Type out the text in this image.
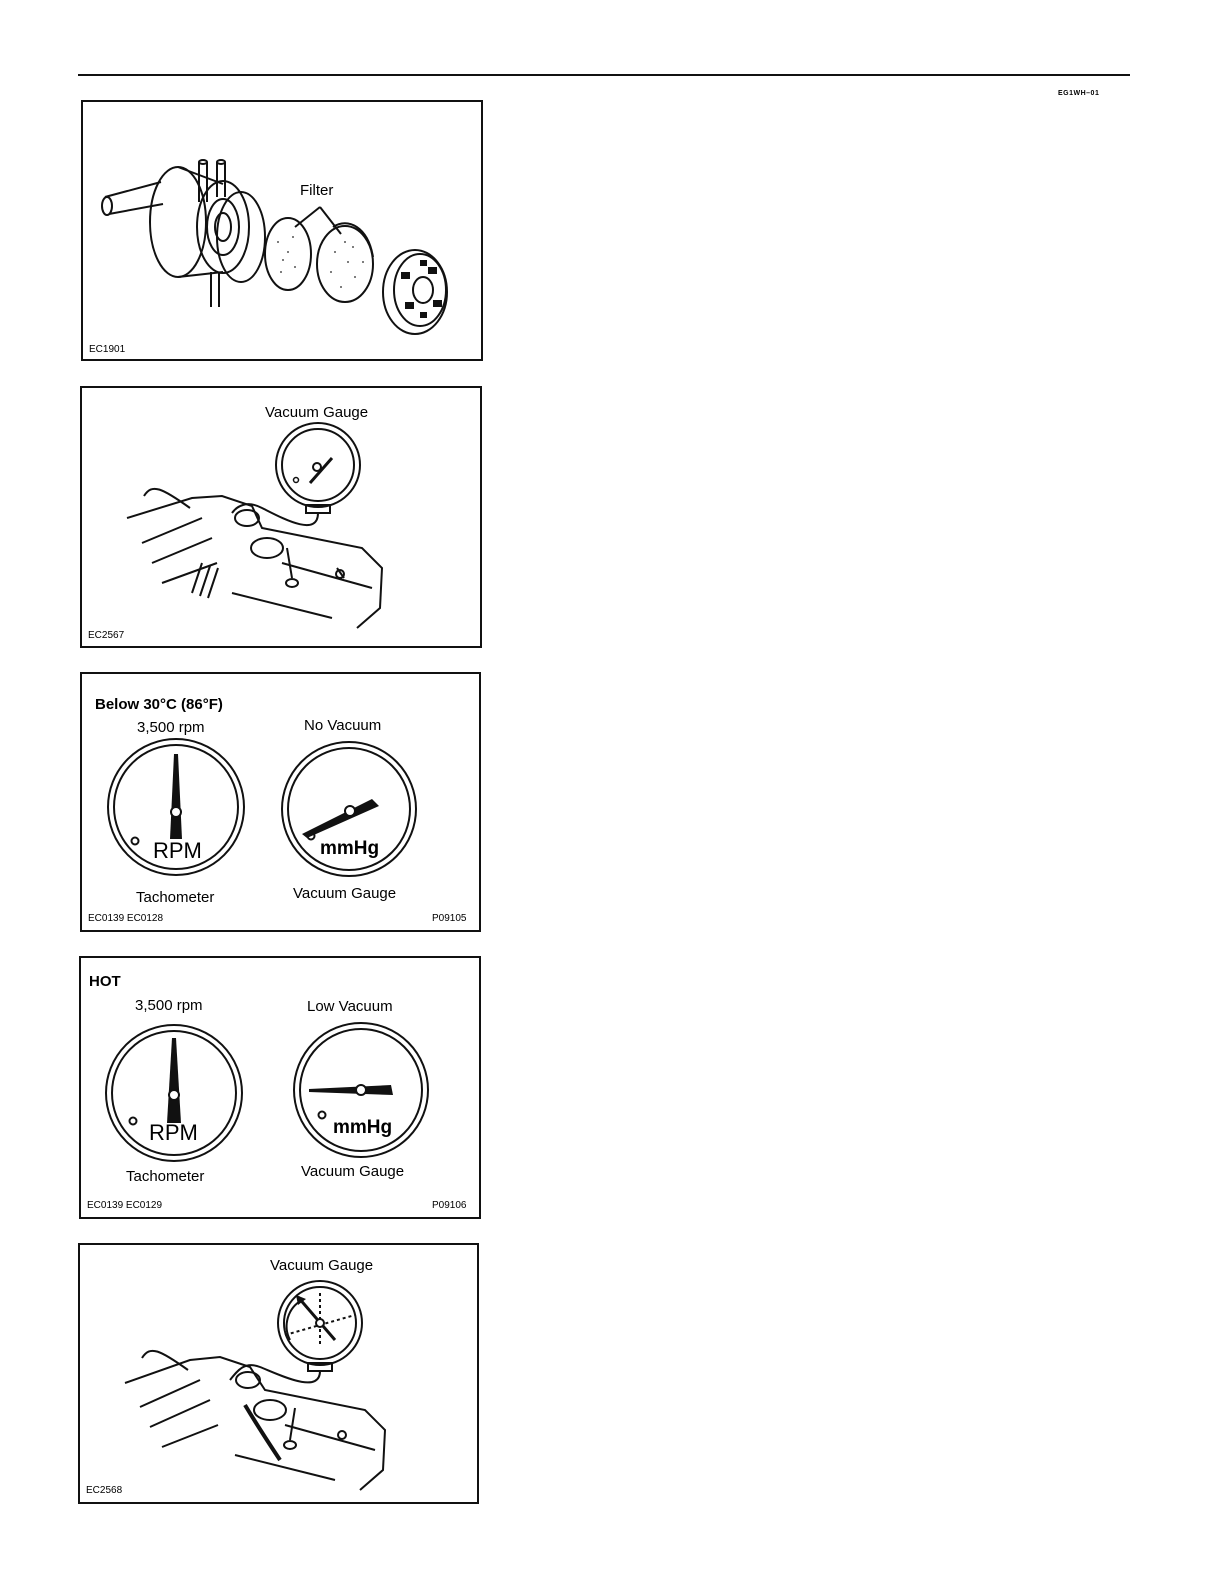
EG1WH–01
Filter
EC1901
Vacuum Gauge
EC2567
Below 30°C (86°F)
3,500 rpm	No Vacuum
RPM	mmHg
Tachometer	Vacuum Gauge
EC0139 EC0128	P09105
HOT
3,500 rpm	Low Vacuum
RPM	mmHg
Tachometer	Vacuum Gauge
EC0139 EC0129	P09106
Vacuum Gauge
EC2568
